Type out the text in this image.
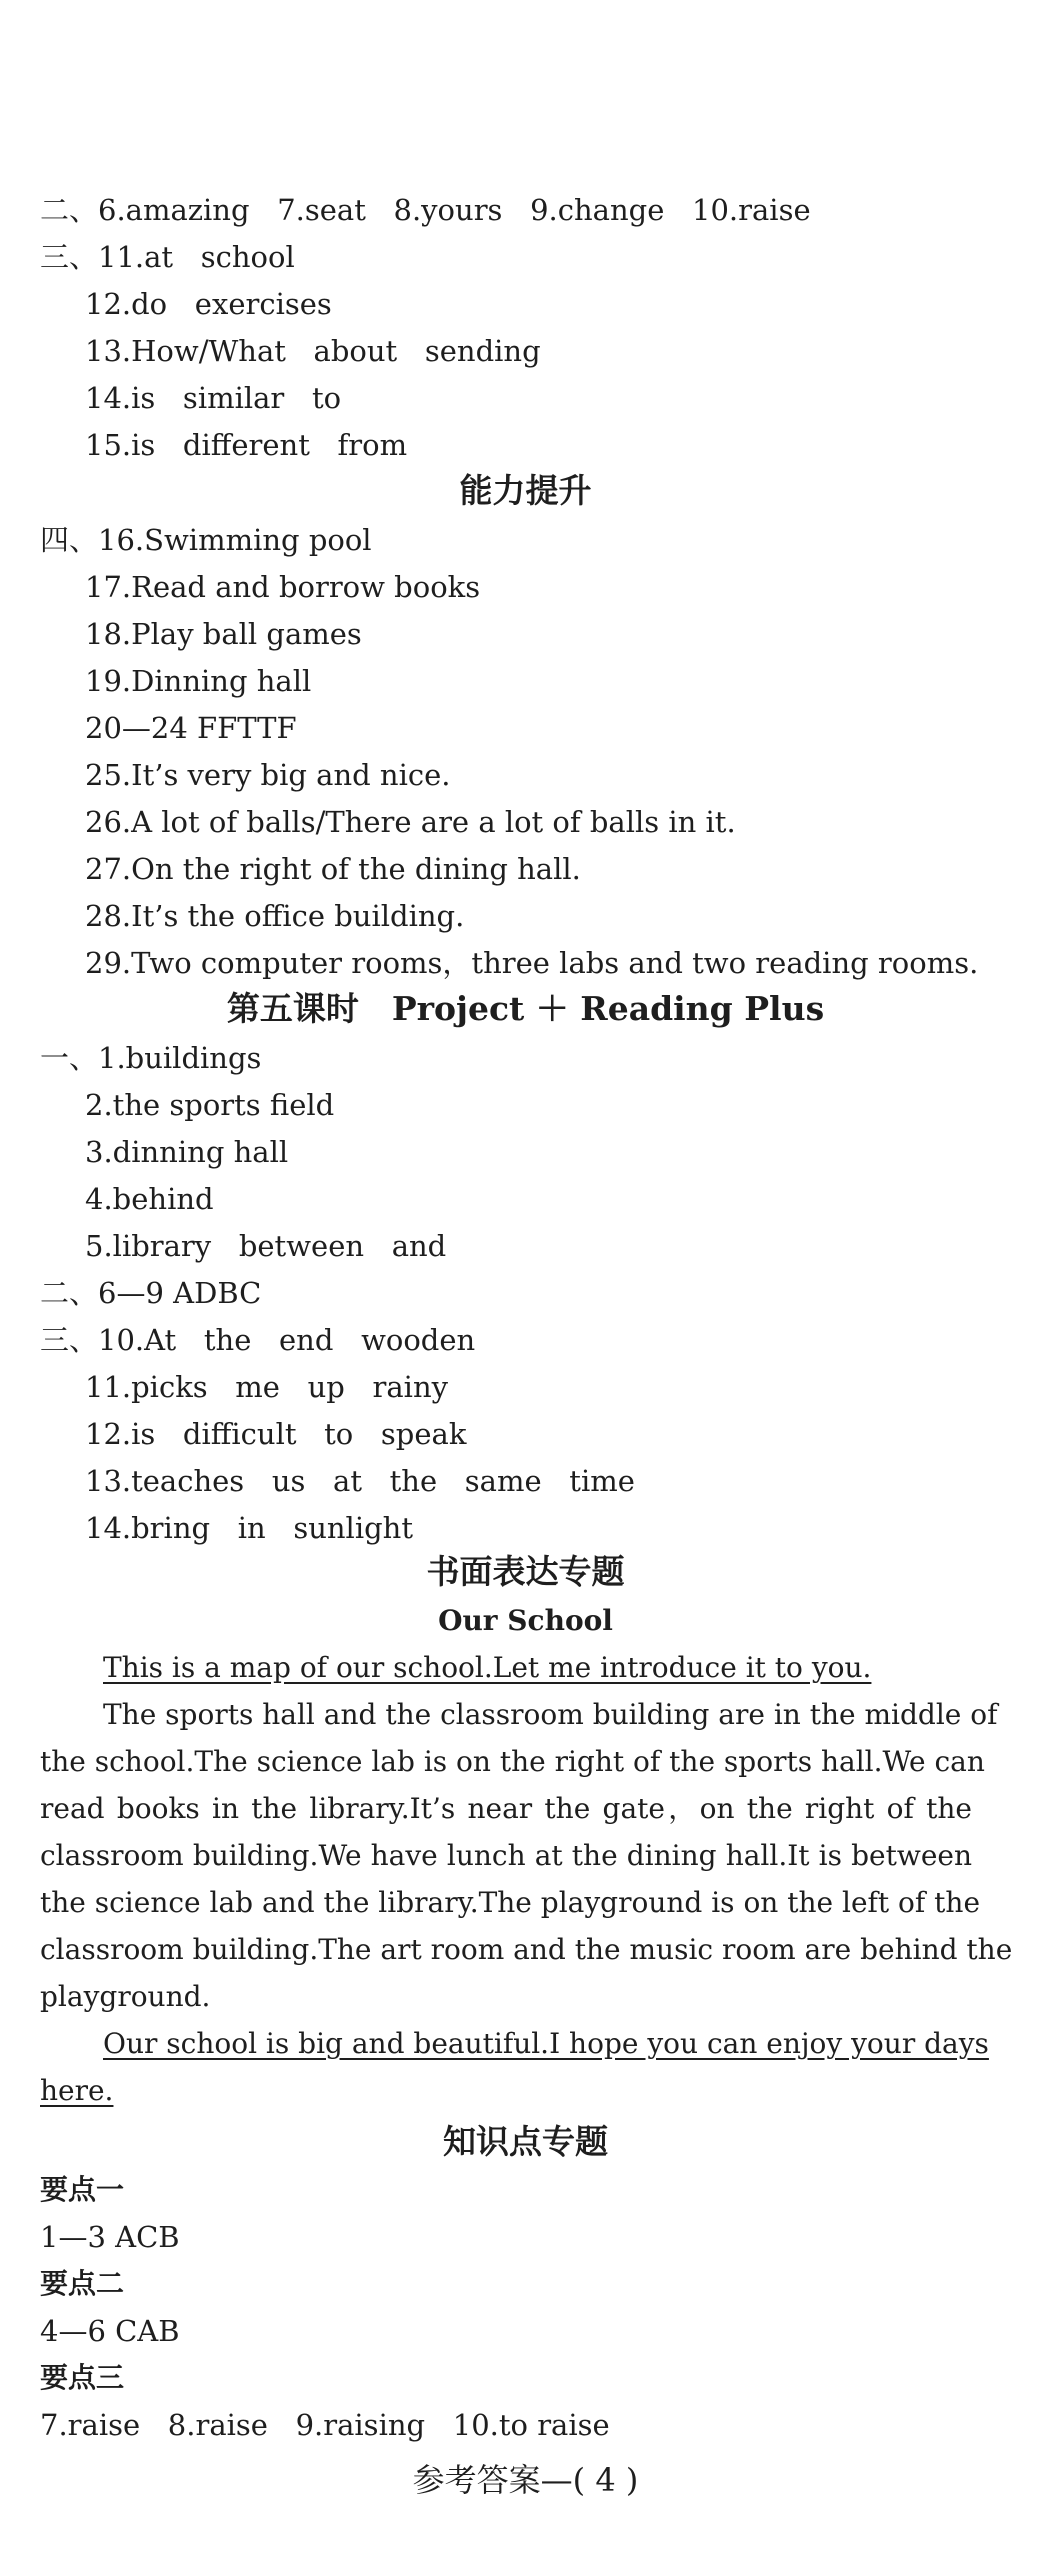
二、6.amazing   7.seat   8.yours   9.change   10.raise
三、11.at   school
12.do   exercises
13.How/What   about   sending
14.is   similar   to
15.is   different   from
能力提升
四、16.Swimming pool
17.Read and borrow books
18.Play ball games
19.Dinning hall
20—24 FFTTF
25.It’s very big and nice.
26.A lot of balls/There are a lot of balls in it.
27.On the right of the dining hall.
28.It’s the office building.
29.Two computer rooms，three labs and two reading rooms.
第五课时　Project ＋ Reading Plus
一、1.buildings
2.the sports field
3.dinning hall
4.behind
5.library   between   and
二、6—9 ADBC
三、10.At   the   end   wooden
11.picks   me   up   rainy
12.is   difficult   to   speak
13.teaches   us   at   the   same   time
14.bring   in   sunlight
书面表达专题
Our School
This is a map of our school.Let me introduce it to you.
The sports hall and the classroom building are in the middle of
the school.The science lab is on the right of the sports hall.We can
read books in the library.It’s near the gate，on the right of the
classroom building.We have lunch at the dining hall.It is between
the science lab and the library.The playground is on the left of the
classroom building.The art room and the music room are behind the
playground.
Our school is big and beautiful.I hope you can enjoy your days
here.
知识点专题
要点一
1—3 ACB
要点二
4—6 CAB
要点三
7.raise   8.raise   9.raising   10.to raise
参考答案—( 4 )
